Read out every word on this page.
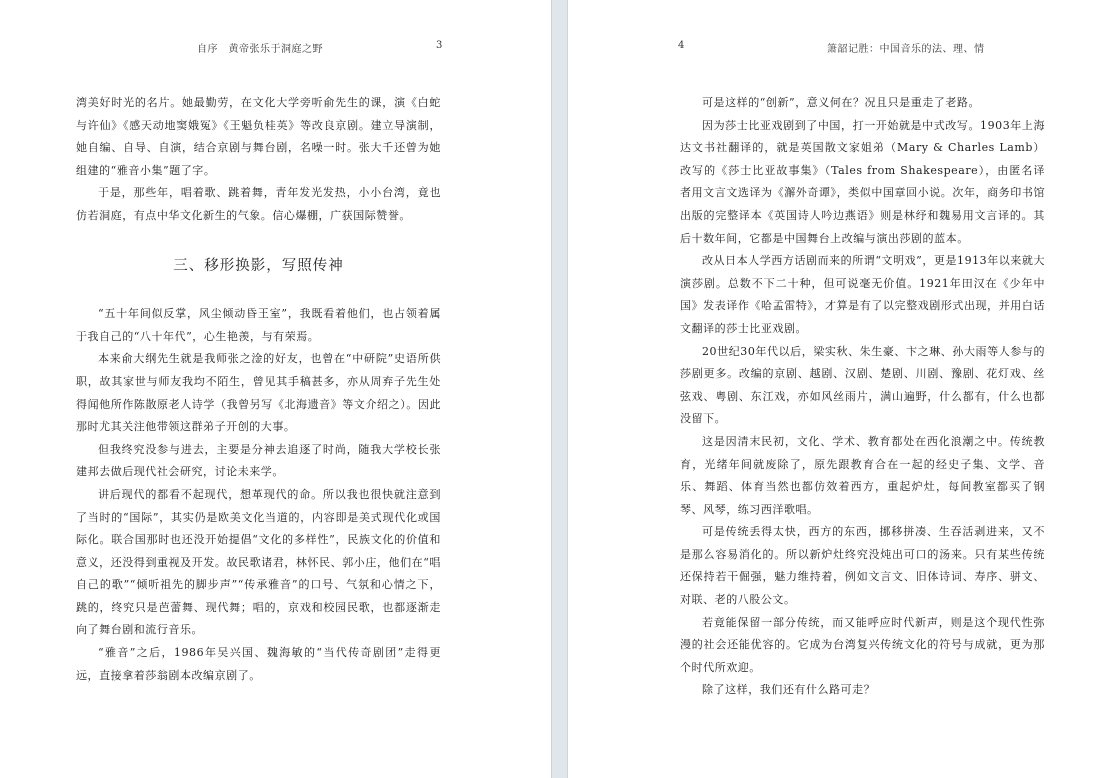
自序　黄帝张乐于洞庭之野	3

湾美好时光的名片。她最勤劳，在文化大学旁听俞先生的课，演《白蛇与许仙》《感天动地窦娥冤》《王魁负桂英》等改良京剧。建立导演制，她自编、自导、自演，结合京剧与舞台剧，名噪一时。张大千还曾为她组建的“雅音小集”题了字。

于是，那些年，唱着歌、跳着舞，青年发光发热，小小台湾，竟也仿若洞庭，有点中华文化新生的气象。信心爆棚，广获国际赞誉。

三、移形换影，写照传神

“五十年间似反掌，风尘倾动昏王室”，我既看着他们，也占领着属于我自己的“八十年代”，心生艳羡，与有荣焉。

本来俞大纲先生就是我师张之淦的好友，也曾在“中研院”史语所供职，故其家世与师友我均不陌生，曾见其手稿甚多，亦从周弃子先生处得闻他所作陈散原老人诗学（我曾另写《北海遗音》等文介绍之）。因此那时尤其关注他带领这群弟子开创的大事。

但我终究没参与进去，主要是分神去追逐了时尚，随我大学校长张建邦去做后现代社会研究，讨论未来学。

讲后现代的都看不起现代，想革现代的命。所以我也很快就注意到了当时的“国际”，其实仍是欧美文化当道的，内容即是美式现代化或国际化。联合国那时也还没开始提倡“文化的多样性”，民族文化的价值和意义，还没得到重视及开发。故民歌诸君，林怀民、郭小庄，他们在“唱自己的歌”“倾听祖先的脚步声”“传承雅音”的口号、气氛和心情之下，跳的，终究只是芭蕾舞、现代舞；唱的，京戏和校园民歌，也都逐渐走向了舞台剧和流行音乐。

“雅音”之后，1986年吴兴国、魏海敏的“当代传奇剧团”走得更远，直接拿着莎翁剧本改编京剧了。

4	箫韶记胜：中国音乐的法、理、情

可是这样的“创新”，意义何在？况且只是重走了老路。

因为莎士比亚戏剧到了中国，打一开始就是中式改写。1903年上海达文书社翻译的，就是英国散文家姐弟（Mary & Charles Lamb）改写的《莎士比亚故事集》（Tales from Shakespeare），由匿名译者用文言文选译为《澥外奇谭》，类似中国章回小说。次年，商务印书馆出版的完整译本《英国诗人吟边燕语》则是林纾和魏易用文言译的。其后十数年间，它都是中国舞台上改编与演出莎剧的蓝本。

改从日本人学西方话剧而来的所谓“文明戏”，更是1913年以来就大演莎剧。总数不下二十种，但可说毫无价值。1921年田汉在《少年中国》发表译作《哈孟雷特》，才算是有了以完整戏剧形式出现，并用白话文翻译的莎士比亚戏剧。

20世纪30年代以后，梁实秋、朱生豪、卞之琳、孙大雨等人参与的莎剧更多。改编的京剧、越剧、汉剧、楚剧、川剧、豫剧、花灯戏、丝弦戏、粤剧、东江戏，亦如风丝雨片，满山遍野，什么都有，什么也都没留下。

这是因清末民初，文化、学术、教育都处在西化浪潮之中。传统教育，光绪年间就废除了，原先跟教育合在一起的经史子集、文学、音乐、舞蹈、体育当然也都仿效着西方，重起炉灶，每间教室都买了钢琴、风琴，练习西洋歌唱。

可是传统丢得太快，西方的东西，挪移拼凑、生吞活剥进来，又不是那么容易消化的。所以新炉灶终究没炖出可口的汤来。只有某些传统还保持若干倔强，魅力维持着，例如文言文、旧体诗词、寿序、骈文、对联、老的八股公文。

若竟能保留一部分传统，而又能呼应时代新声，则是这个现代性弥漫的社会还能优容的。它成为台湾复兴传统文化的符号与成就，更为那个时代所欢迎。

除了这样，我们还有什么路可走？
